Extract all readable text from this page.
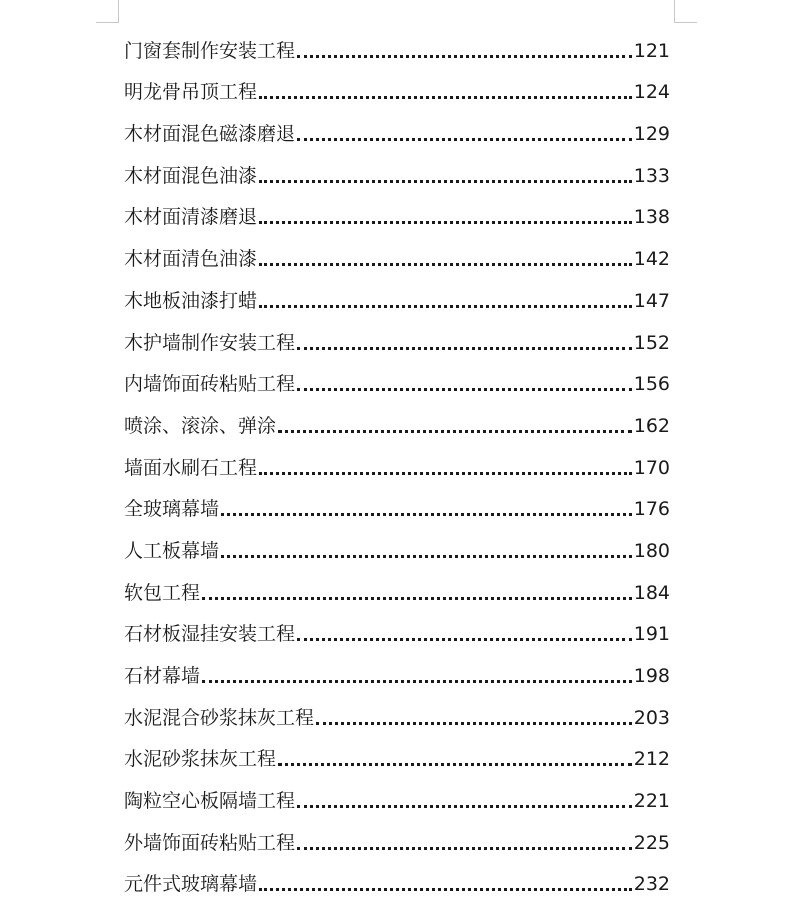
门窗套制作安装工程	121
明龙骨吊顶工程	124
木材面混色磁漆磨退	129
木材面混色油漆	133
木材面清漆磨退	138
木材面清色油漆	142
木地板油漆打蜡	147
木护墙制作安装工程	152
内墙饰面砖粘贴工程	156
喷涂、滚涂、弹涂	162
墙面水刷石工程	170
全玻璃幕墙	176
人工板幕墙	180
软包工程	184
石材板湿挂安装工程	191
石材幕墙	198
水泥混合砂浆抹灰工程	203
水泥砂浆抹灰工程	212
陶粒空心板隔墙工程	221
外墙饰面砖粘贴工程	225
元件式玻璃幕墙	232
